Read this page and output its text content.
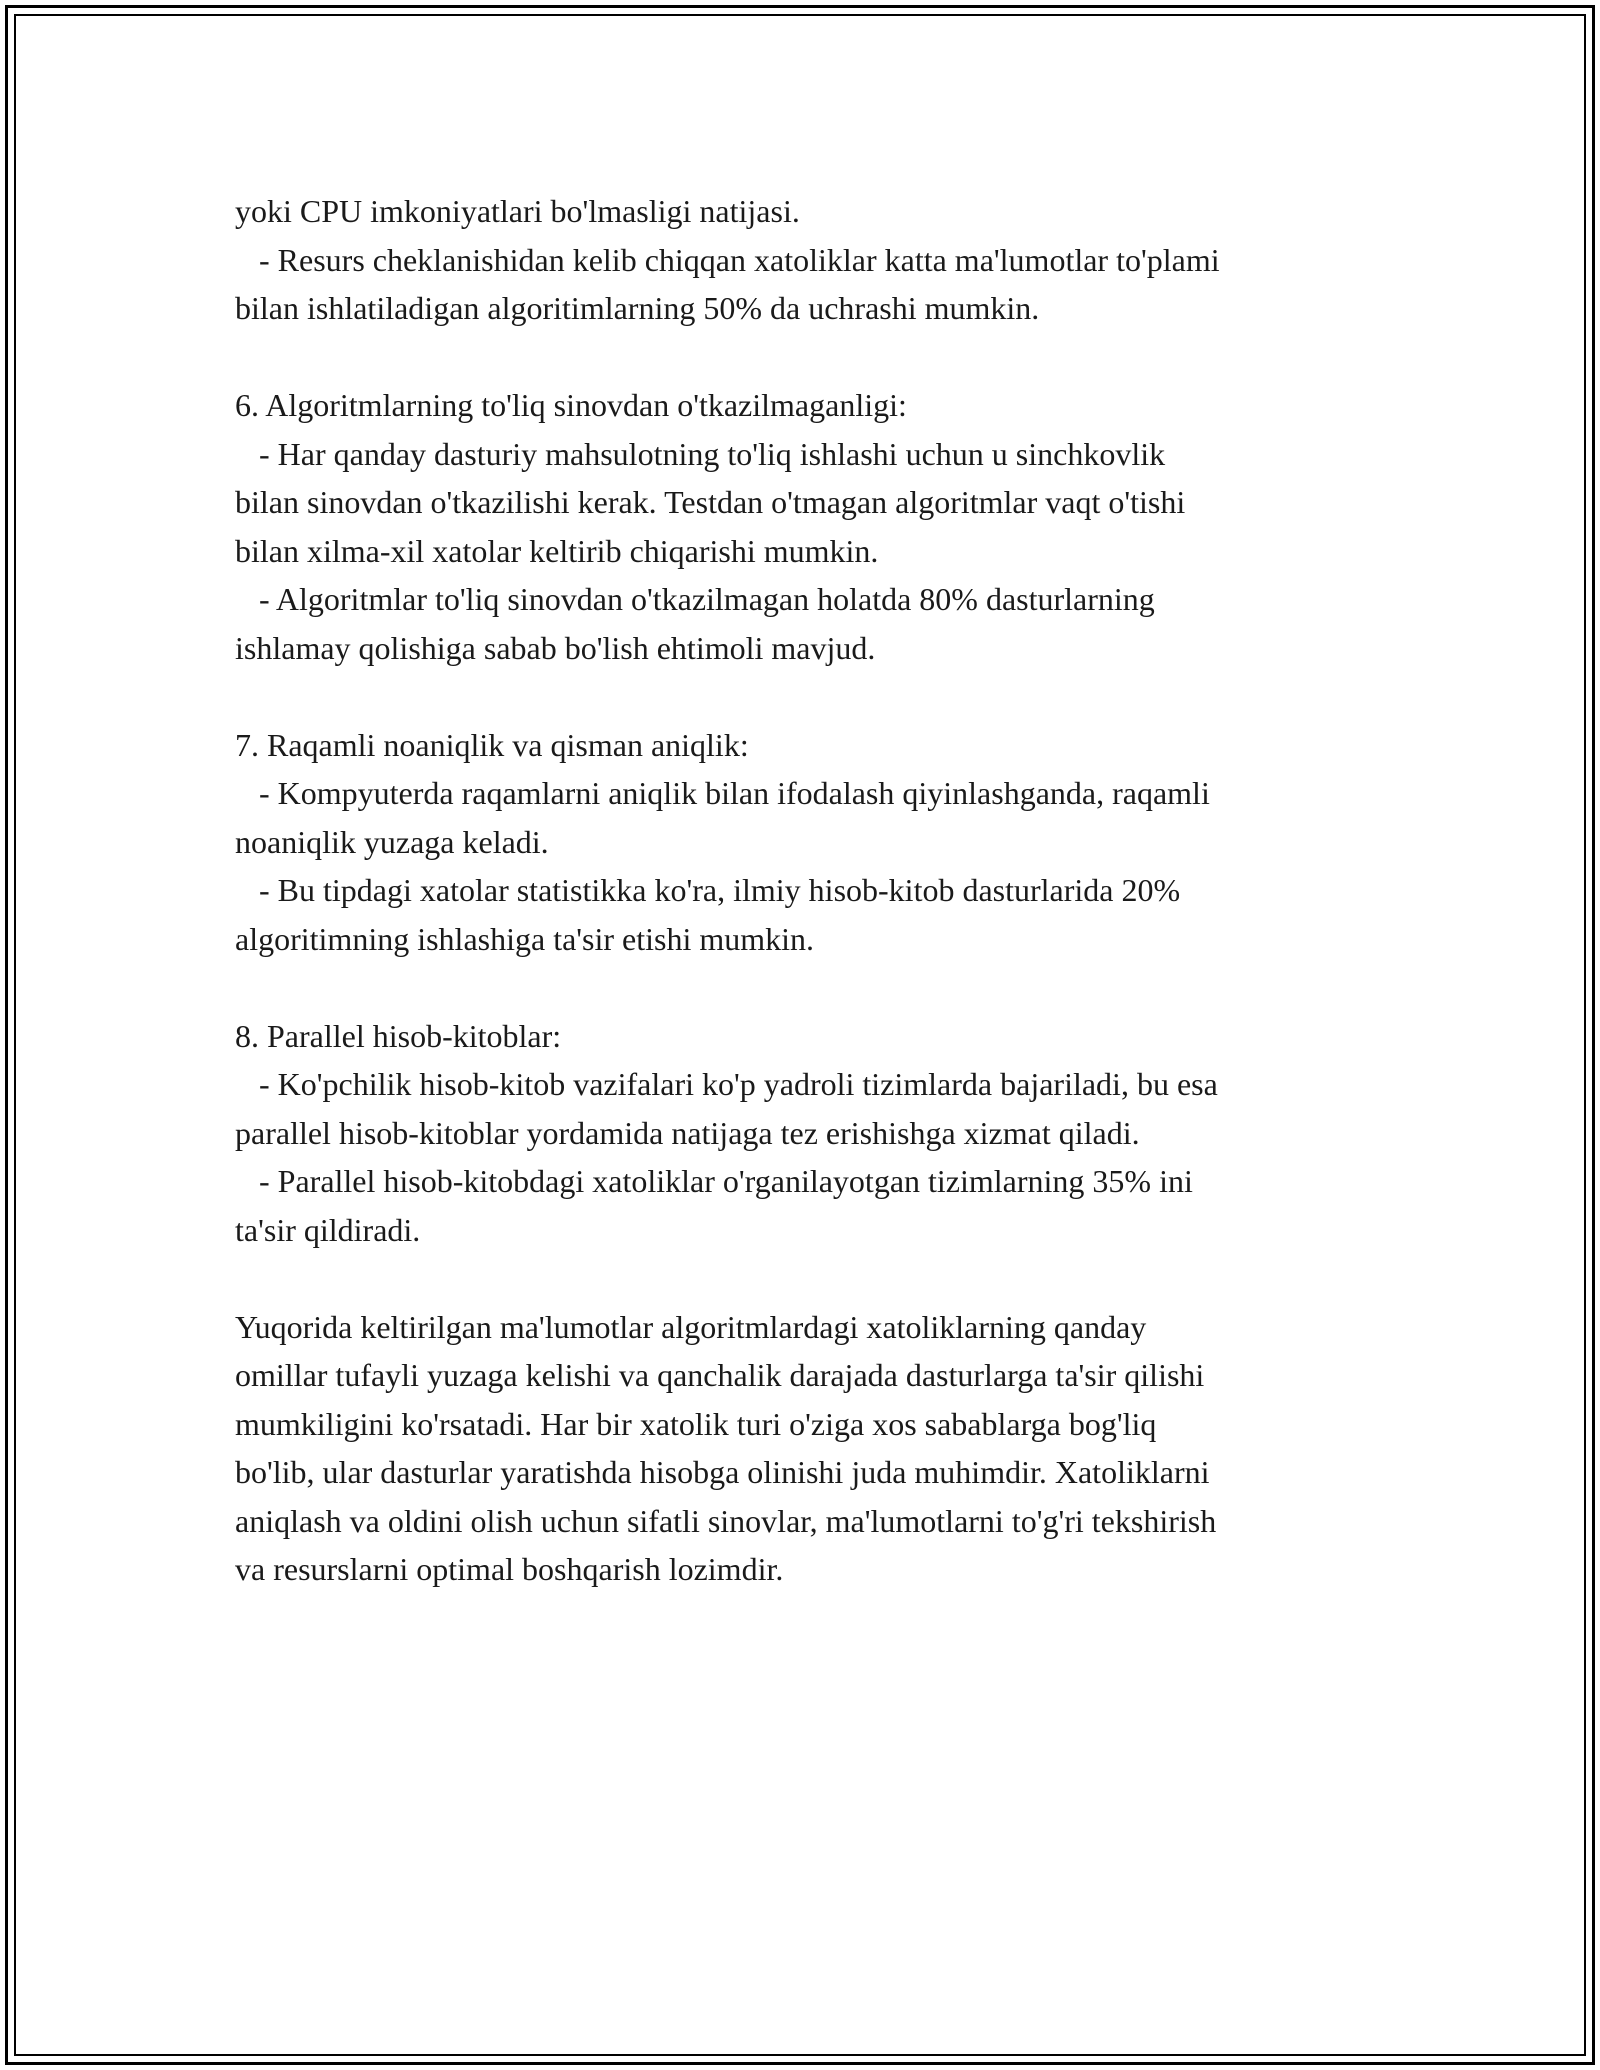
yoki CPU imkoniyatlari bo'lmasligi natijasi.
- Resurs cheklanishidan kelib chiqqan xatoliklar katta ma'lumotlar to'plami
bilan ishlatiladigan algoritimlarning 50% da uchrashi mumkin.
6. Algoritmlarning to'liq sinovdan o'tkazilmaganligi:
- Har qanday dasturiy mahsulotning to'liq ishlashi uchun u sinchkovlik
bilan sinovdan o'tkazilishi kerak. Testdan o'tmagan algoritmlar vaqt o'tishi
bilan xilma-xil xatolar keltirib chiqarishi mumkin.
- Algoritmlar to'liq sinovdan o'tkazilmagan holatda 80% dasturlarning
ishlamay qolishiga sabab bo'lish ehtimoli mavjud.
7. Raqamli noaniqlik va qisman aniqlik:
- Kompyuterda raqamlarni aniqlik bilan ifodalash qiyinlashganda, raqamli
noaniqlik yuzaga keladi.
- Bu tipdagi xatolar statistikka ko'ra, ilmiy hisob-kitob dasturlarida 20%
algoritimning ishlashiga ta'sir etishi mumkin.
8. Parallel hisob-kitoblar:
- Ko'pchilik hisob-kitob vazifalari ko'p yadroli tizimlarda bajariladi, bu esa
parallel hisob-kitoblar yordamida natijaga tez erishishga xizmat qiladi.
- Parallel hisob-kitobdagi xatoliklar o'rganilayotgan tizimlarning 35% ini
ta'sir qildiradi.
Yuqorida keltirilgan ma'lumotlar algoritmlardagi xatoliklarning qanday
omillar tufayli yuzaga kelishi va qanchalik darajada dasturlarga ta'sir qilishi
mumkiligini ko'rsatadi. Har bir xatolik turi o'ziga xos sabablarga bog'liq
bo'lib, ular dasturlar yaratishda hisobga olinishi juda muhimdir. Xatoliklarni
aniqlash va oldini olish uchun sifatli sinovlar, ma'lumotlarni to'g'ri tekshirish
va resurslarni optimal boshqarish lozimdir.
